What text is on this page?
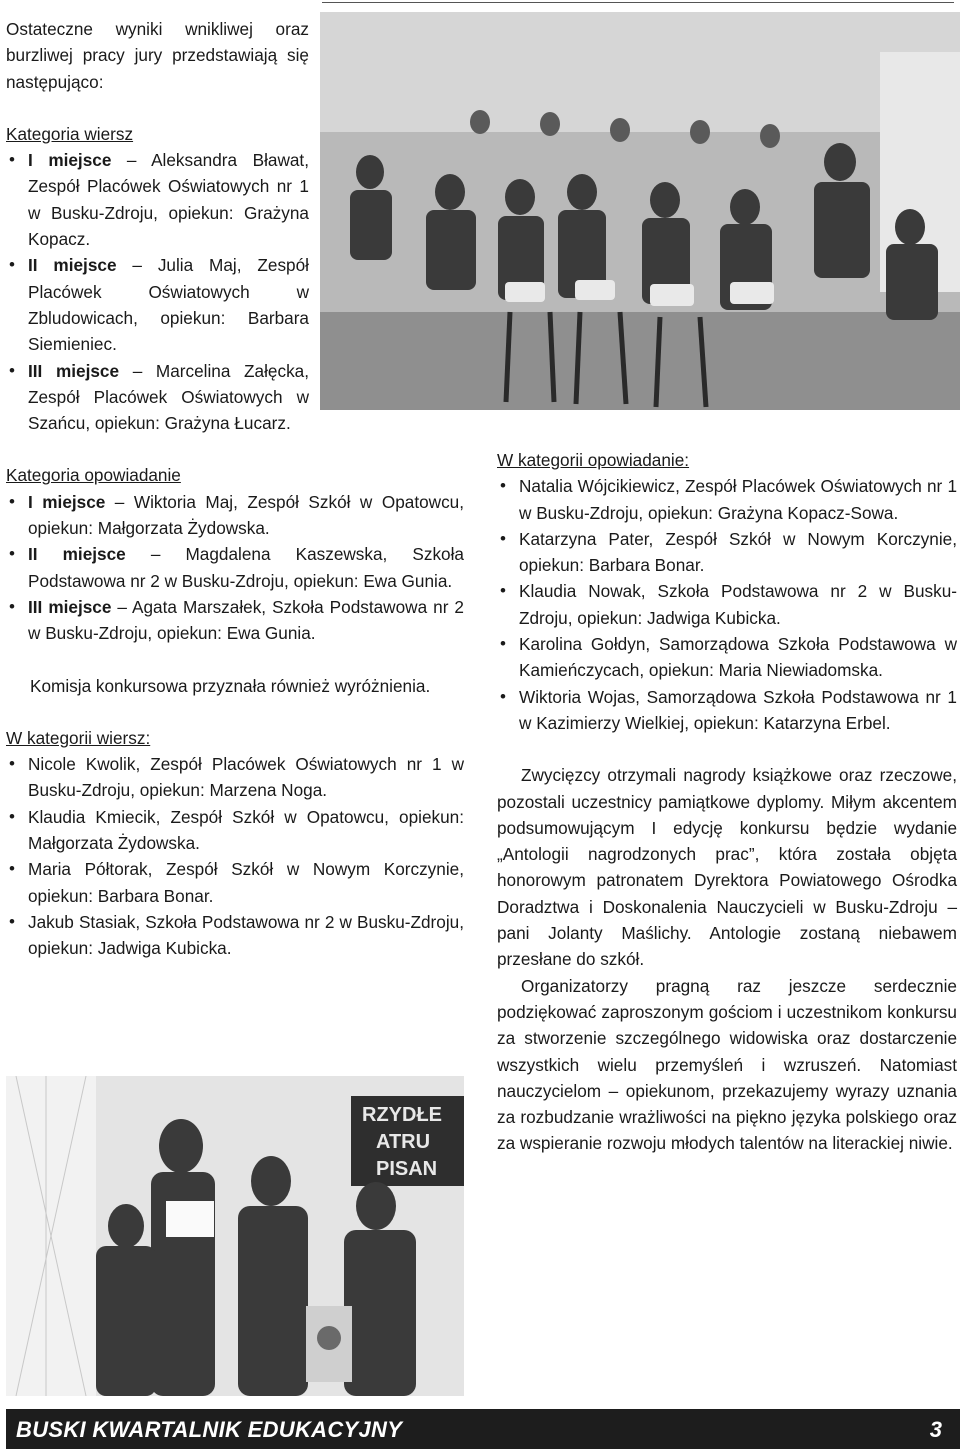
Ostateczne wyniki wnikliwej oraz burzliwej pracy jury przedstawiają się następująco:

Kategoria wiersz

• I miejsce – Aleksandra Bławat, Zespół Placówek Oświatowych nr 1 w Busku-Zdroju, opiekun: Grażyna Kopacz.
• II miejsce – Julia Maj, Zespół Placówek Oświatowych w Zbludowicach, opiekun: Barbara Siemieniec.
• III miejsce – Marcelina Załęcka, Zespół Placówek Oświatowych w Szańcu, opiekun: Grażyna Łucarz.

Kategoria opowiadanie

• I miejsce – Wiktoria Maj, Zespół Szkół w Opatowcu, opiekun: Małgorzata Żydowska.
• II miejsce – Magdalena Kaszewska, Szkoła Podstawowa nr 2 w Busku-Zdroju, opiekun: Ewa Gunia.
• III miejsce – Agata Marszałek, Szkoła Podstawowa nr 2 w Busku-Zdroju, opiekun: Ewa Gunia.

Komisja konkursowa przyznała również wyróżnienia.

W kategorii wiersz:

• Nicole Kwolik, Zespół Placówek Oświatowych nr 1 w Busku-Zdroju, opiekun: Marzena Noga.
• Klaudia Kmiecik, Zespół Szkół w Opatowcu, opiekun: Małgorzata Żydowska.
• Maria Półtorak, Zespół Szkół w Nowym Korczynie, opiekun: Barbara Bonar.
• Jakub Stasiak, Szkoła Podstawowa nr 2 w Busku-Zdroju, opiekun: Jadwiga Kubicka.

W kategorii opowiadanie:

• Natalia Wójcikiewicz, Zespół Placówek Oświatowych nr 1 w Busku-Zdroju, opiekun: Grażyna Kopacz-Sowa.
• Katarzyna Pater, Zespół Szkół w Nowym Korczynie, opiekun: Barbara Bonar.
• Klaudia Nowak, Szkoła Podstawowa nr 2 w Busku-Zdroju, opiekun: Jadwiga Kubicka.
• Karolina Gołdyn, Samorządowa Szkoła Podstawowa w Kamieńczycach, opiekun: Maria Niewiadomska.
• Wiktoria Wojas, Samorządowa Szkoła Podstawowa nr 1 w Kazimierzy Wielkiej, opiekun: Katarzyna Erbel.

Zwycięzcy otrzymali nagrody książkowe oraz rzeczowe, pozostali uczestnicy pamiątkowe dyplomy. Miłym akcentem podsumowującym I edycję konkursu będzie wydanie „Antologii nagrodzonych prac”, która została objęta honorowym patronatem Dyrektora Powiatowego Ośrodka Doradztwa i Doskonalenia Nauczycieli w Busku-Zdroju – pani Jolanty Maślichy. Antologie zostaną niebawem przesłane do szkół.

Organizatorzy pragną raz jeszcze serdecznie podziękować zaproszonym gościom i uczestnikom konkursu za stworzenie szczególnego widowiska oraz dostarczenie wszystkich wielu przemyśleń i wzruszeń. Natomiast nauczycielom – opiekunom, przekazujemy wyrazy uznania za rozbudzanie wrażliwości na piękno języka polskiego oraz za wspieranie rozwoju młodych talentów na literackiej niwie.

RZYDŁE
ATRU
PISAN
BUSKI KWARTALNIK EDUKACYJNY	3
